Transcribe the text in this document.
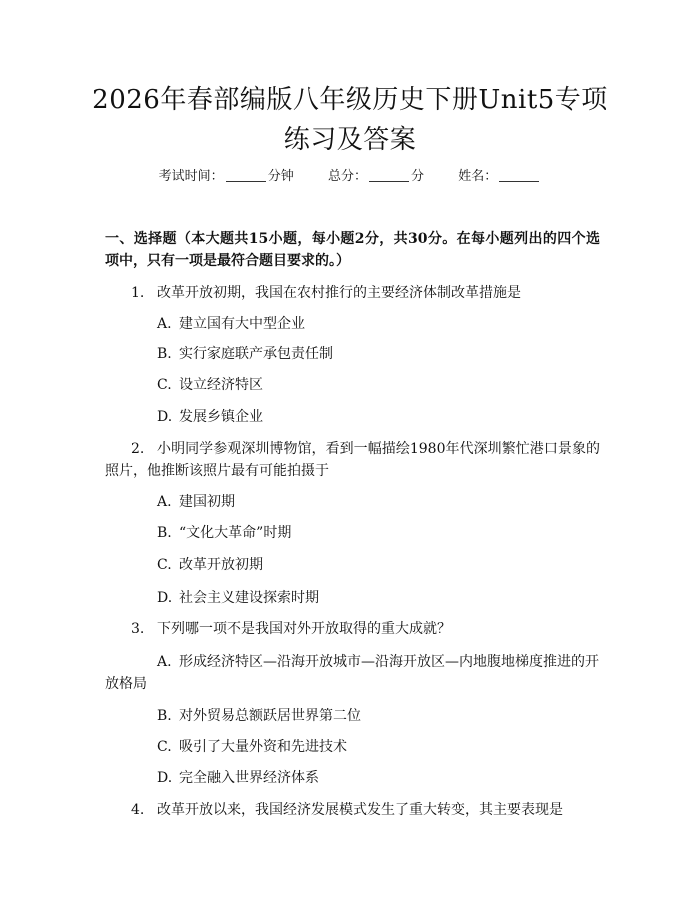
2026年春部编版八年级历史下册Unit5专项练习及答案
考试时间：	分钟	总分：	分	姓名：
一、选择题（本大题共15小题，每小题2分，共30分。在每小题列出的四个选项中，只有一项是最符合题目要求的。）
1. 改革开放初期，我国在农村推行的主要经济体制改革措施是
A. 建立国有大中型企业
B. 实行家庭联产承包责任制
C. 设立经济特区
D. 发展乡镇企业
2. 小明同学参观深圳博物馆，看到一幅描绘1980年代深圳繁忙港口景象的照片，他推断该照片最有可能拍摄于
A. 建国初期
B. “文化大革命”时期
C. 改革开放初期
D. 社会主义建设探索时期
3. 下列哪一项不是我国对外开放取得的重大成就？
A. 形成经济特区—沿海开放城市—沿海开放区—内地腹地梯度推进的开放格局
B. 对外贸易总额跃居世界第二位
C. 吸引了大量外资和先进技术
D. 完全融入世界经济体系
4. 改革开放以来，我国经济发展模式发生了重大转变，其主要表现是
